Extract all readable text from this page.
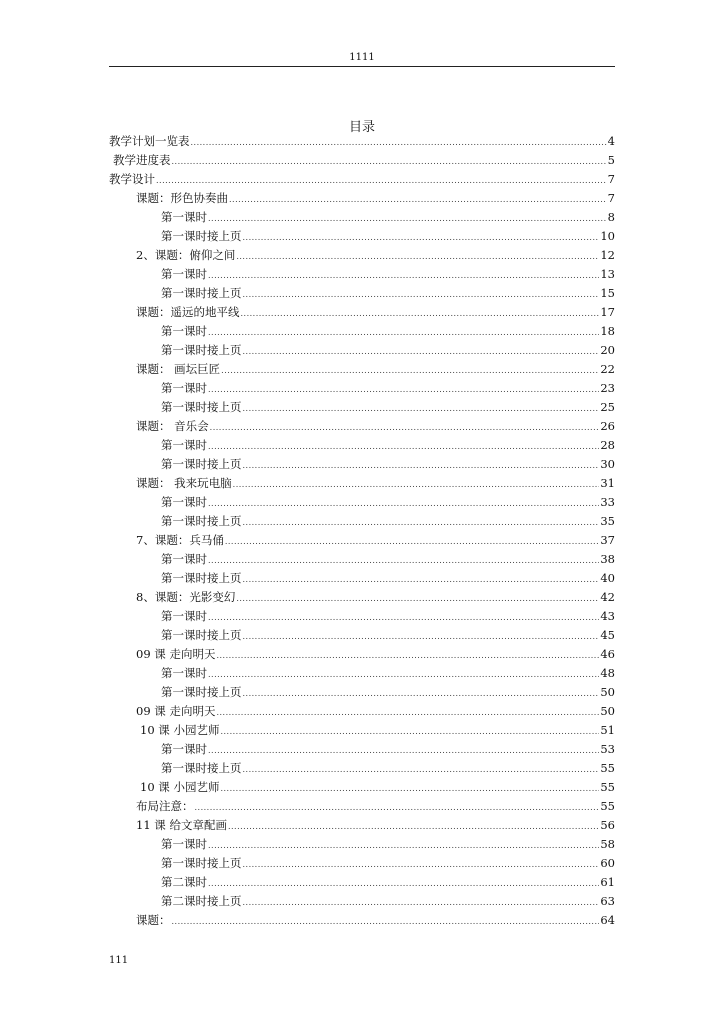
1111
目录
教学计划一览表 .....	4
教学进度表 .....	5
教学设计 .....	7
课题：形色协奏曲 .....	7
第一课时 .....	8
第一课时接上页 .....	10
2、课题：俯仰之间 .....	12
第一课时 .....	13
第一课时接上页 .....	15
课题：遥远的地平线 .....	17
第一课时 .....	18
第一课时接上页 .....	20
课题： 画坛巨匠 .....	22
第一课时 .....	23
第一课时接上页 .....	25
课题： 音乐会 .....	26
第一课时 .....	28
第一课时接上页 .....	30
课题： 我来玩电脑 .....	31
第一课时 .....	33
第一课时接上页 .....	35
7、课题：兵马俑 .....	37
第一课时 .....	38
第一课时接上页 .....	40
8、课题：光影变幻 .....	42
第一课时 .....	43
第一课时接上页 .....	45
09 课 走向明天 .....	46
第一课时 .....	48
第一课时接上页 .....	50
09 课 走向明天 .....	50
10 课 小园艺师 .....	51
第一课时 .....	53
第一课时接上页 .....	55
10 课 小园艺师 .....	55
布局注意： .....	55
11 课 给文章配画 .....	56
第一课时 .....	58
第一课时接上页 .....	60
第二课时 .....	61
第二课时接上页 .....	63
课题： .....	64
111
